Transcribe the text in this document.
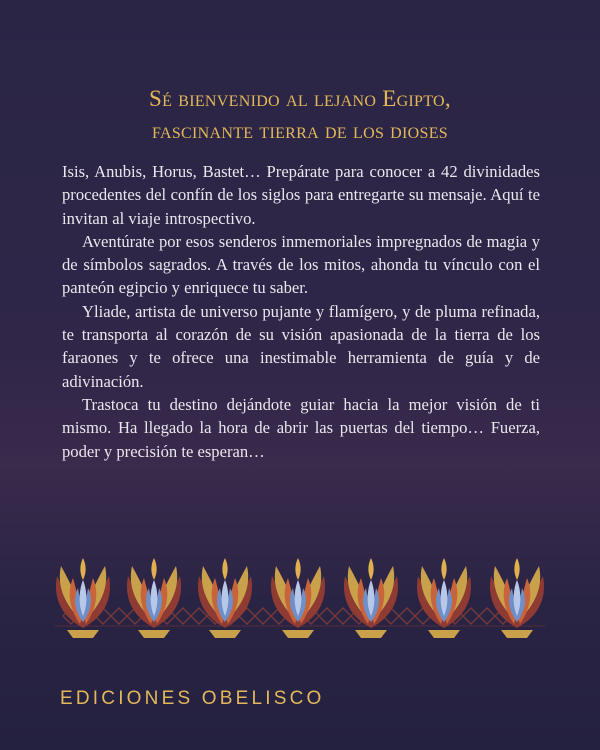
Sé bienvenido al lejano Egipto,
fascinante tierra de los dioses

Isis, Anubis, Horus, Bastet… Prepárate para conocer a 42 divinidades procedentes del confín de los siglos para entregarte su mensaje. Aquí te invitan al viaje introspectivo.

Aventúrate por esos senderos inmemoriales impregnados de magia y de símbolos sagrados. A través de los mitos, ahonda tu vínculo con el panteón egipcio y enriquece tu saber.

Yliade, artista de universo pujante y flamígero, y de pluma refinada, te transporta al corazón de su visión apasionada de la tierra de los faraones y te ofrece una inestimable herramienta de guía y de adivinación.

Trastoca tu destino dejándote guiar hacia la mejor visión de ti mismo. Ha llegado la hora de abrir las puertas del tiempo… Fuerza, poder y precisión te esperan…

EDICIONES OBELISCO
